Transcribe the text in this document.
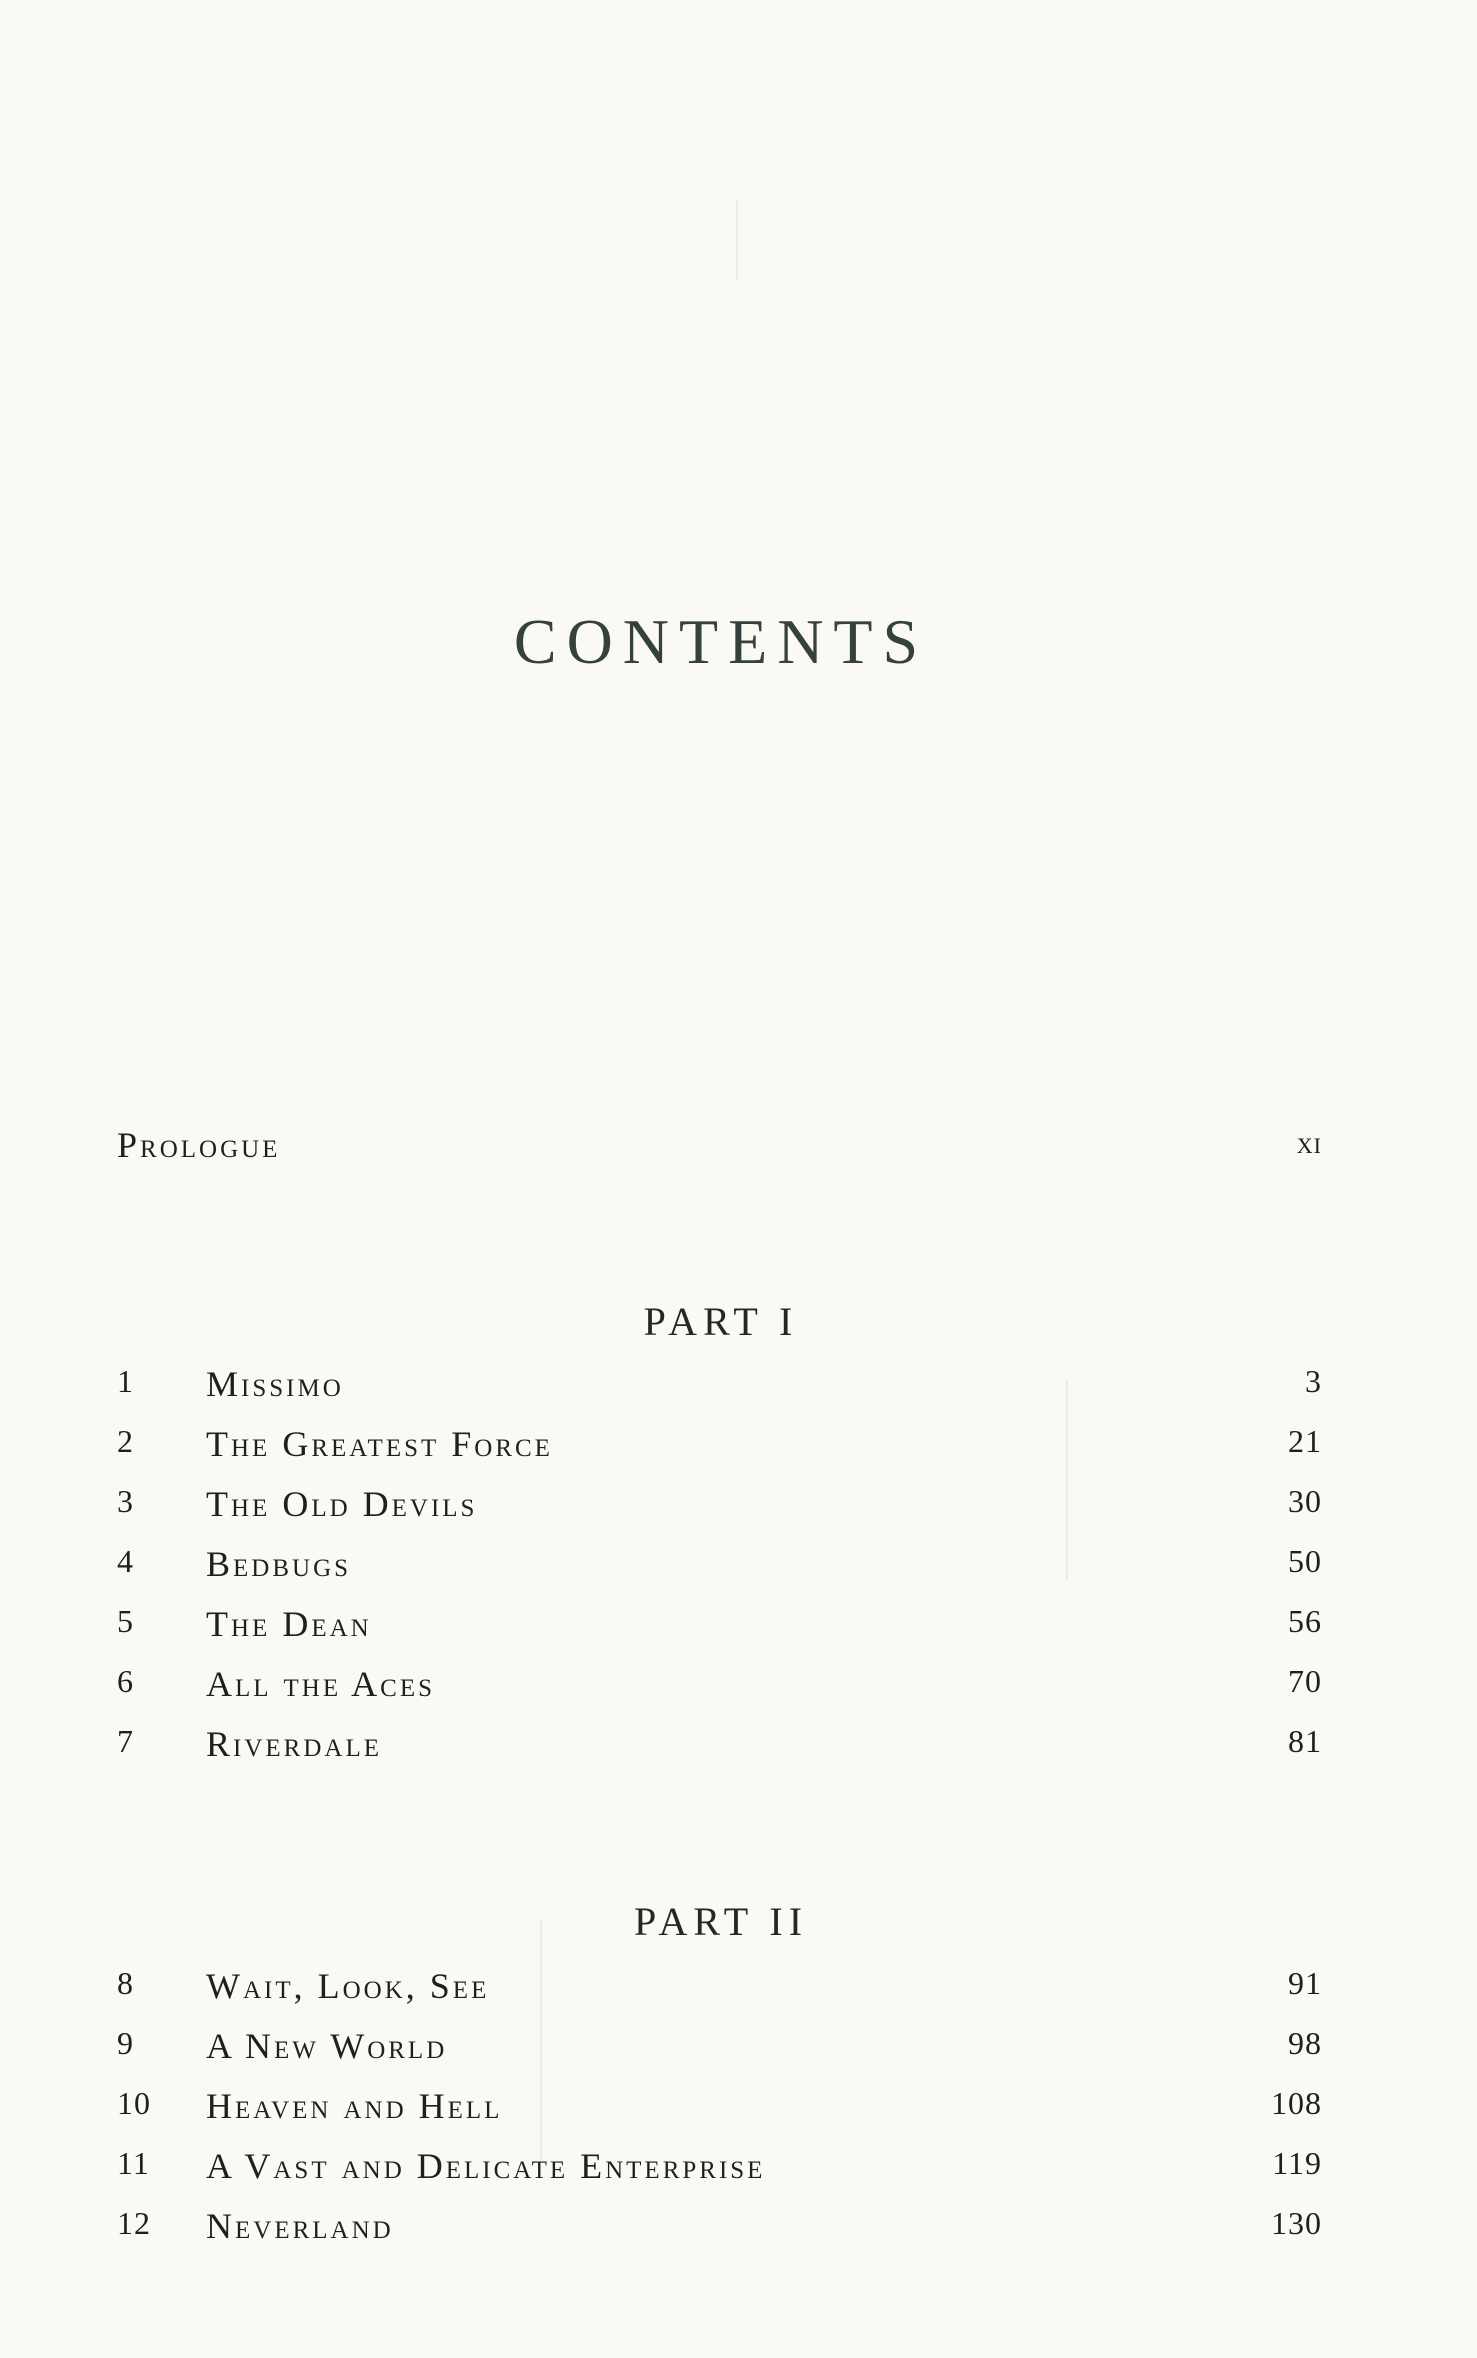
CONTENTS
Prologue	xi
PART I
1 Missimo	3
2 The Greatest Force	21
3 The Old Devils	30
4 Bedbugs	50
5 The Dean	56
6 All the Aces	70
7 Riverdale	81
PART II
8 Wait, Look, See	91
9 A New World	98
10 Heaven and Hell	108
11 A Vast and Delicate Enterprise	119
12 Neverland	130
